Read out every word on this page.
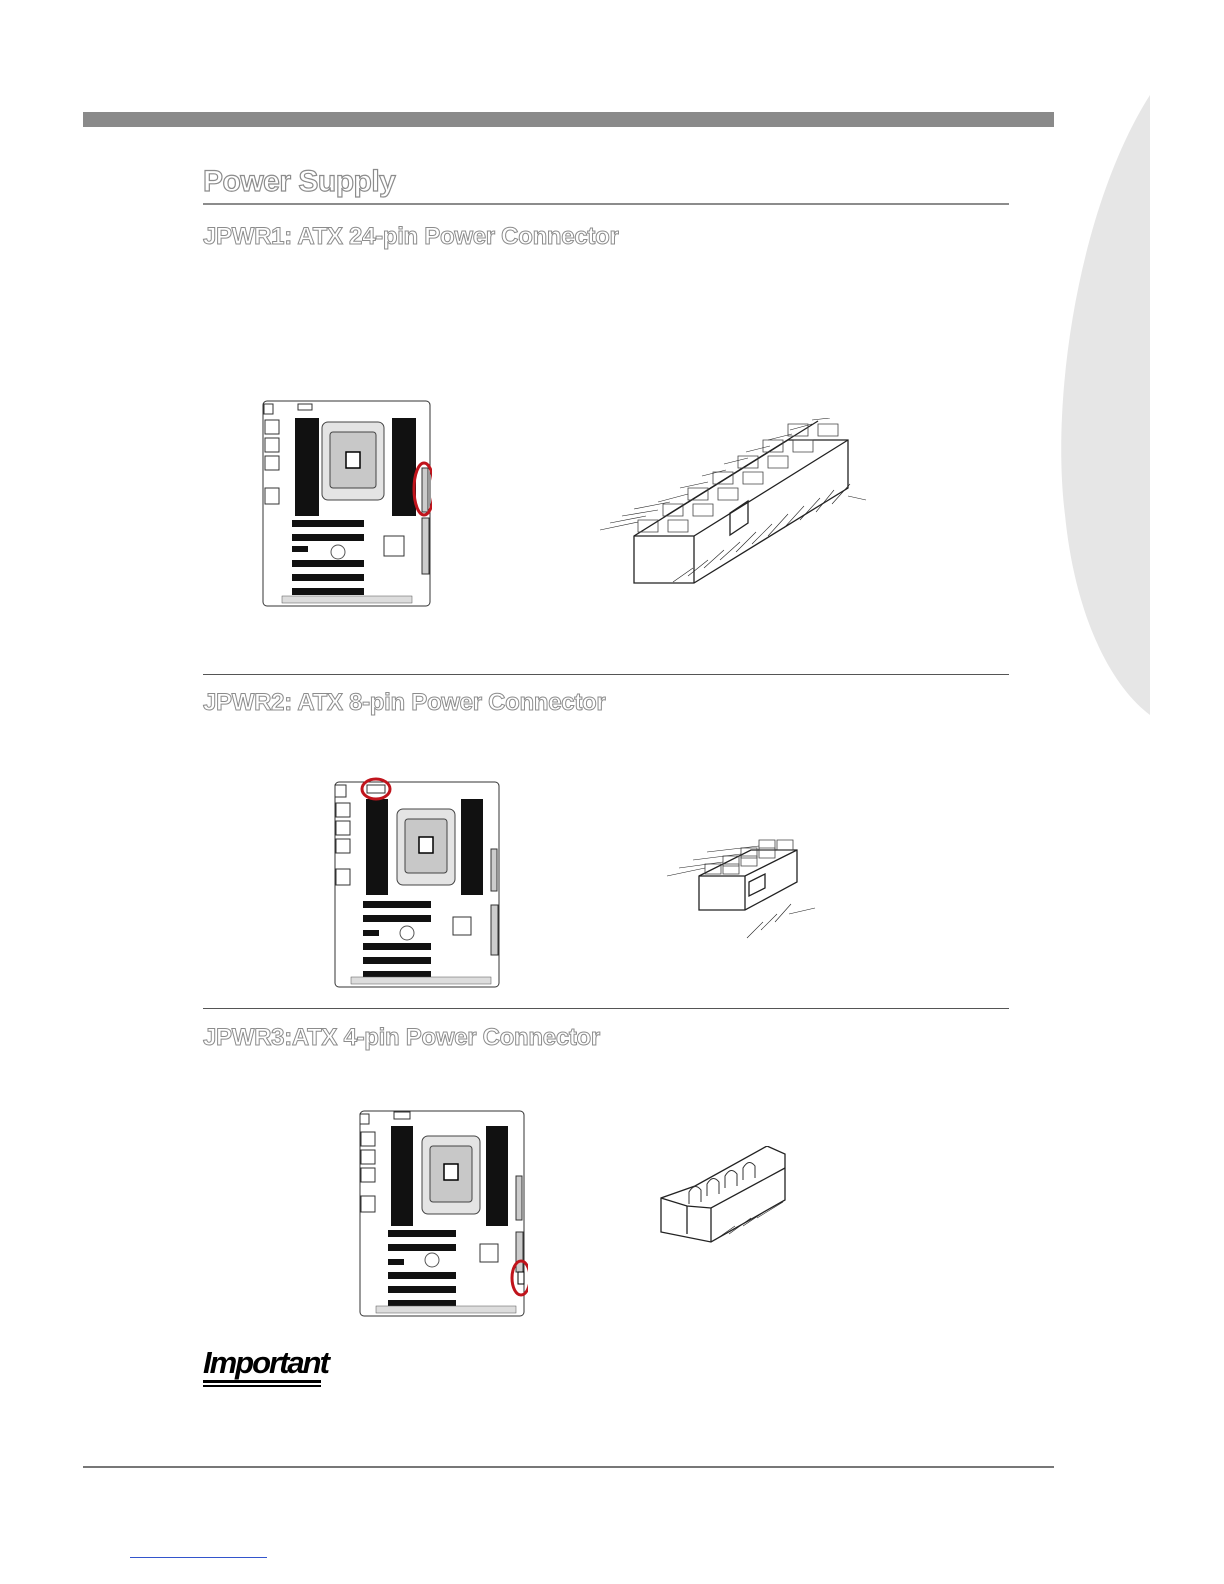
Power Supply
JPWR1: ATX 24-pin Power Connector
JPWR2: ATX 8-pin Power Connector
JPWR3:ATX 4-pin Power Connector

Important
